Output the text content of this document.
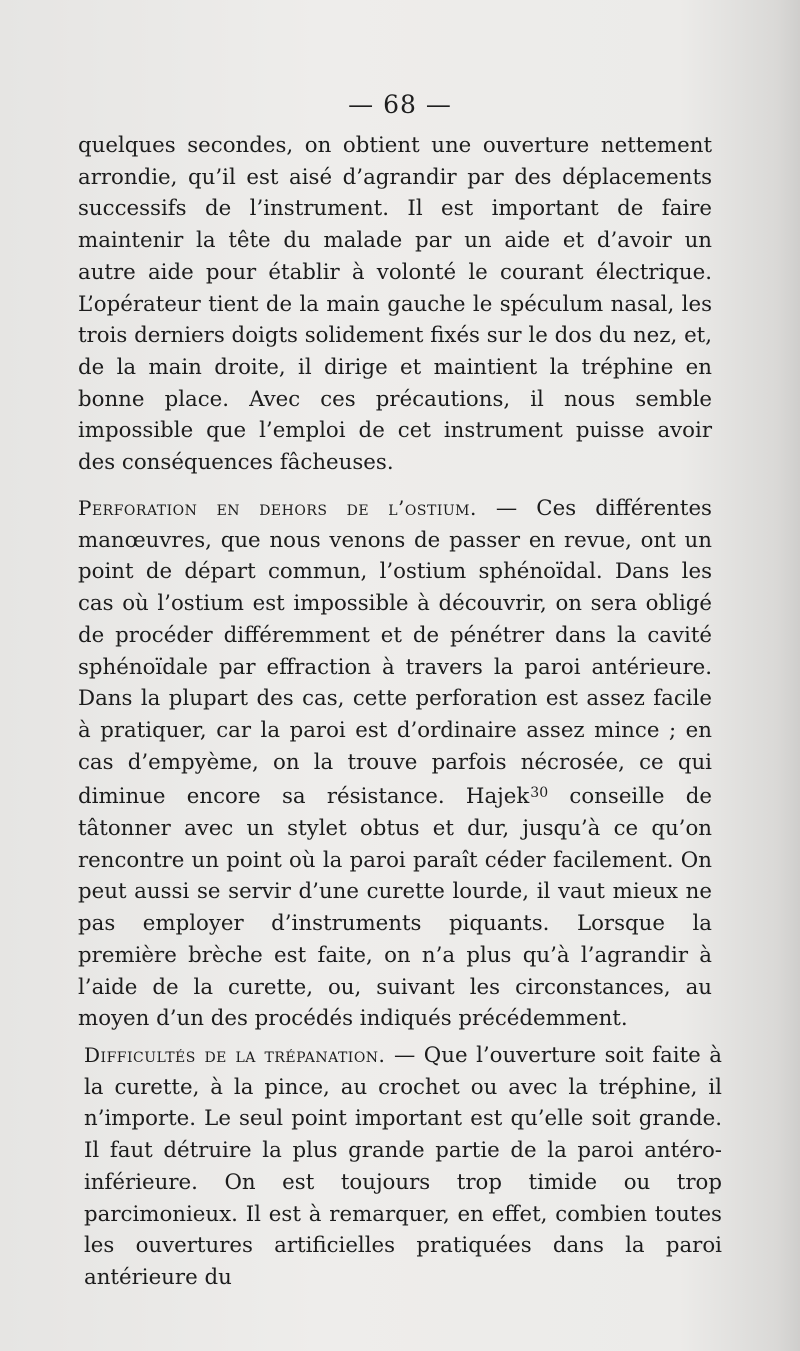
— 68 —

quelques secondes, on obtient une ouverture nettement arrondie, qu’il est aisé d’agrandir par des déplacements successifs de l’instrument. Il est important de faire maintenir la tête du malade par un aide et d’avoir un autre aide pour établir à volonté le courant électrique. L’opérateur tient de la main gauche le spéculum nasal, les trois derniers doigts solidement fixés sur le dos du nez, et, de la main droite, il dirige et maintient la tréphine en bonne place. Avec ces précautions, il nous semble impossible que l’emploi de cet instrument puisse avoir des conséquences fâcheuses.

Perforation en dehors de l’ostium. — Ces différentes manœuvres, que nous venons de passer en revue, ont un point de départ commun, l’ostium sphénoïdal. Dans les cas où l’ostium est impossible à découvrir, on sera obligé de procéder différemment et de pénétrer dans la cavité sphénoïdale par effraction à travers la paroi antérieure. Dans la plupart des cas, cette perforation est assez facile à pratiquer, car la paroi est d’ordinaire assez mince ; en cas d’empyème, on la trouve parfois nécrosée, ce qui diminue encore sa résistance. Hajek$^{30}$ conseille de tâtonner avec un stylet obtus et dur, jusqu’à ce qu’on rencontre un point où la paroi paraît céder facilement. On peut aussi se servir d’une curette lourde, il vaut mieux ne pas employer d’instruments piquants. Lorsque la première brèche est faite, on n’a plus qu’à l’agrandir à l’aide de la curette, ou, suivant les circonstances, au moyen d’un des procédés indiqués précédemment.

Difficultés de la trépanation. — Que l’ouverture soit faite à la curette, à la pince, au crochet ou avec la tréphine, il n’importe. Le seul point important est qu’elle soit grande. Il faut détruire la plus grande partie de la paroi antéro-inférieure. On est toujours trop timide ou trop parcimonieux. Il est à remarquer, en effet, combien toutes les ouvertures artificielles pratiquées dans la paroi antérieure du
